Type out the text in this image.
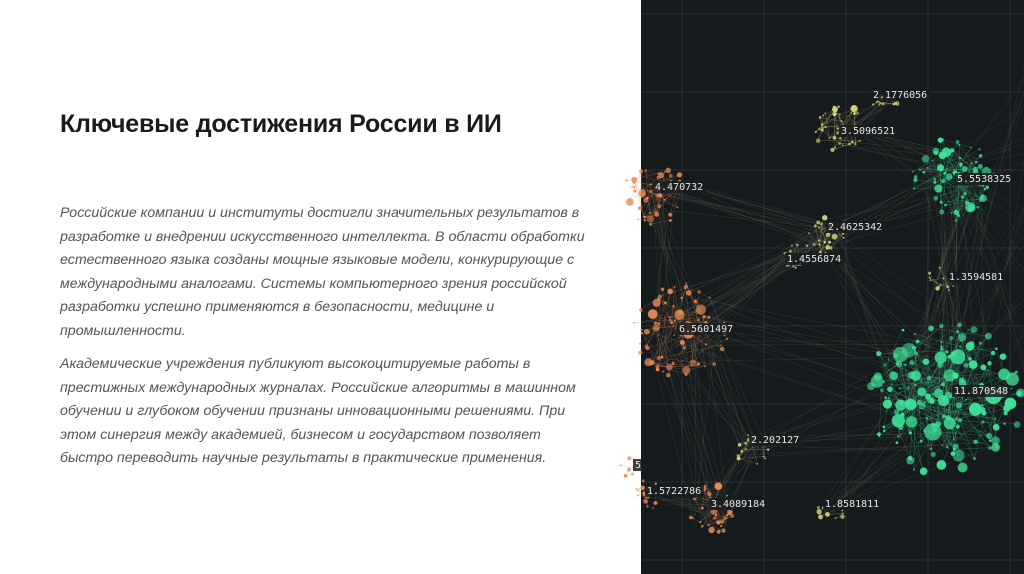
Ключевые достижения России в ИИ

Российские компании и институты достигли значительных результатов в разработке и внедрении искусственного интеллекта. В области обработки естественного языка созданы мощные языковые модели, конкурирующие с международными аналогами. Системы компьютерного зрения российской разработки успешно применяются в безопасности, медицине и промышленности.

Академические учреждения публикуют высокоцитируемые работы в престижных международных журналах. Российские алгоритмы в машинном обучении и глубоком обучении признаны инновационными решениями. При этом синергия между академией, бизнесом и государством позволяет быстро переводить научные результаты в практические применения.

2.1776056
3.5096521
5.5538325
4.470732
2.4625342
1.4556874
1.3594581
6.5601497
11.870548
2.202127
1.5722786
3.4089184	1.8581811
5
